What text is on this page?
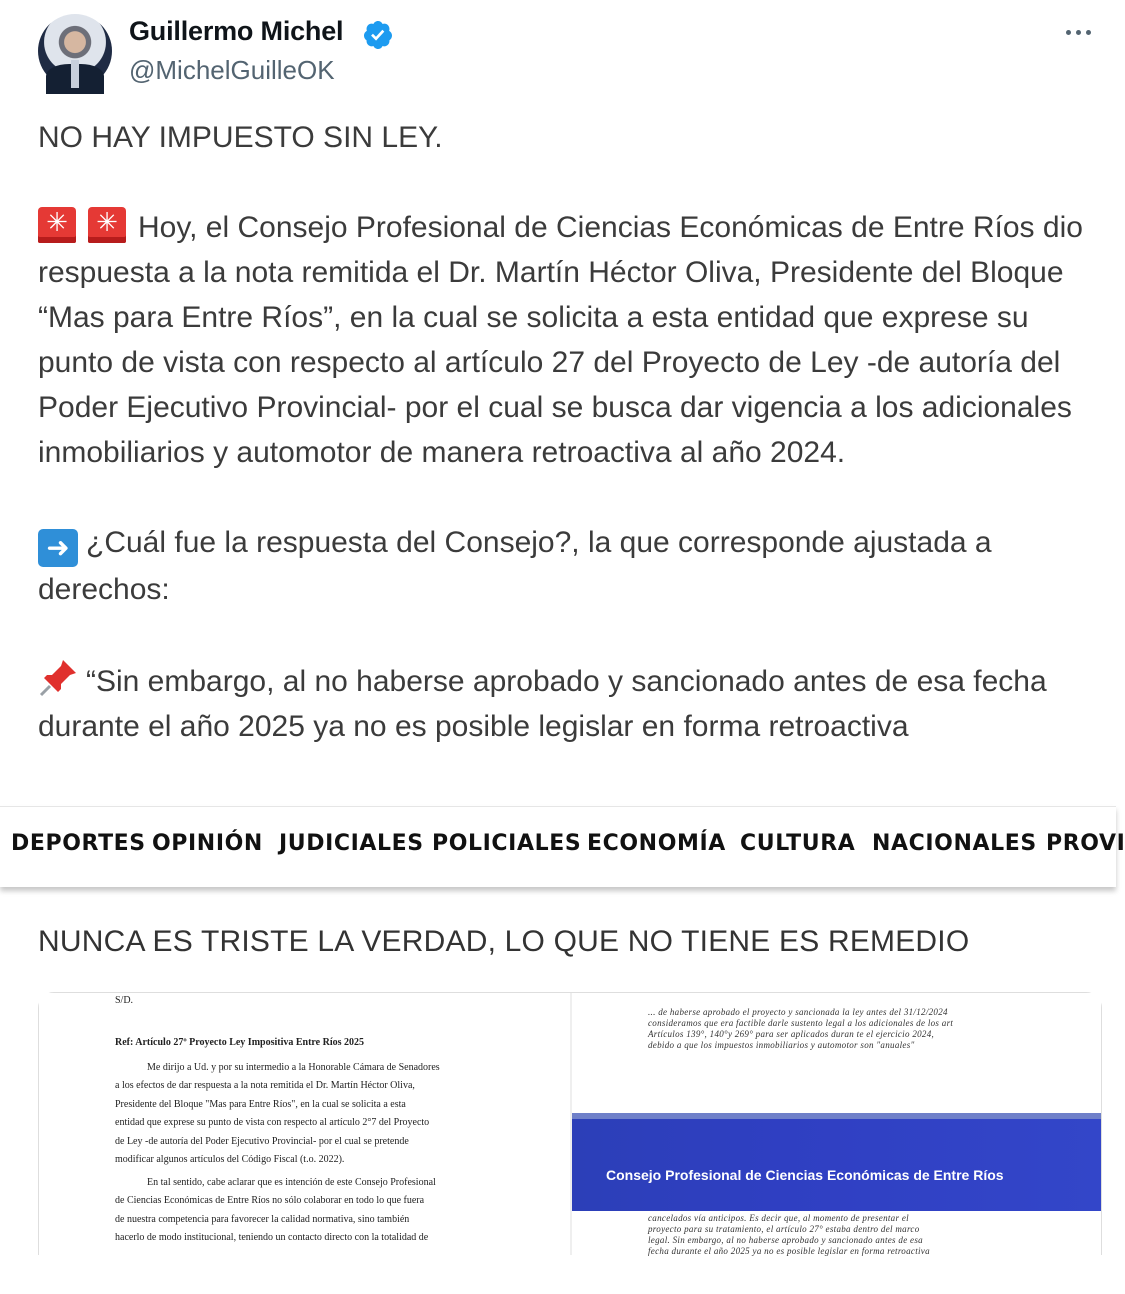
Guillermo Michel
@MichelGuilleOK

NO HAY IMPUESTO SIN LEY.

✳✳Hoy, el Consejo Profesional de Ciencias Económicas de Entre Ríos dio respuesta a la nota remitida el Dr. Martín Héctor Oliva, Presidente del Bloque “Mas para Entre Ríos”, en la cual se solicita a esta entidad que exprese su punto de vista con respecto al artículo 27 del Proyecto de Ley -de autoría del Poder Ejecutivo Provincial- por el cual se busca dar vigencia a los adicionales inmobiliarios y automotor de manera retroactiva al año 2024.

➜ ¿Cuál fue la respuesta del Consejo?, la que corresponde ajustada a derechos:

“Sin embargo, al no haberse aprobado y sancionado antes de esa fecha durante el año 2025 ya no es posible legislar en forma retroactiva

DEPORTES OPINIÓN JUDICIALES POLICIALES ECONOMÍA CULTURA NACIONALES PROVI
NUNCA ES TRISTE LA VERDAD, LO QUE NO TIENE ES REMEDIO
S/D.
Ref: Artículo 27º Proyecto Ley Impositiva Entre Ríos 2025
Me dirijo a Ud. y por su intermedio a la Honorable Cámara de Senadores
a los efectos de dar respuesta a la nota remitida el Dr. Martín Héctor Oliva,
Presidente del Bloque "Mas para Entre Ríos", en la cual se solicita a esta
entidad que exprese su punto de vista con respecto al artículo 2°7 del Proyecto
de Ley -de autoría del Poder Ejecutivo Provincial- por el cual se pretende
modificar algunos artículos del Código Fiscal (t.o. 2022).
En tal sentido, cabe aclarar que es intención de este Consejo Profesional
de Ciencias Económicas de Entre Ríos no sólo colaborar en todo lo que fuera
de nuestra competencia para favorecer la calidad normativa, sino también
hacerlo de modo institucional, teniendo un contacto directo con la totalidad de
... de haberse aprobado el proyecto y sancionada la ley antes del 31/12/2024
consideramos que era factible darle sustento legal a los adicionales de los art
Artículos 139°, 140°y 269° para ser aplicados duran te el ejercicio 2024,
debido a que los impuestos inmobiliarios y automotor son "anuales"
Consejo Profesional de Ciencias Económicas de Entre Ríos
cancelados vía anticipos. Es decir que, al momento de presentar el
proyecto para su tratamiento, el artículo 27° estaba dentro del marco
legal. Sin embargo, al no haberse aprobado y sancionado antes de esa
fecha durante el año 2025 ya no es posible legislar en forma retroactiva
